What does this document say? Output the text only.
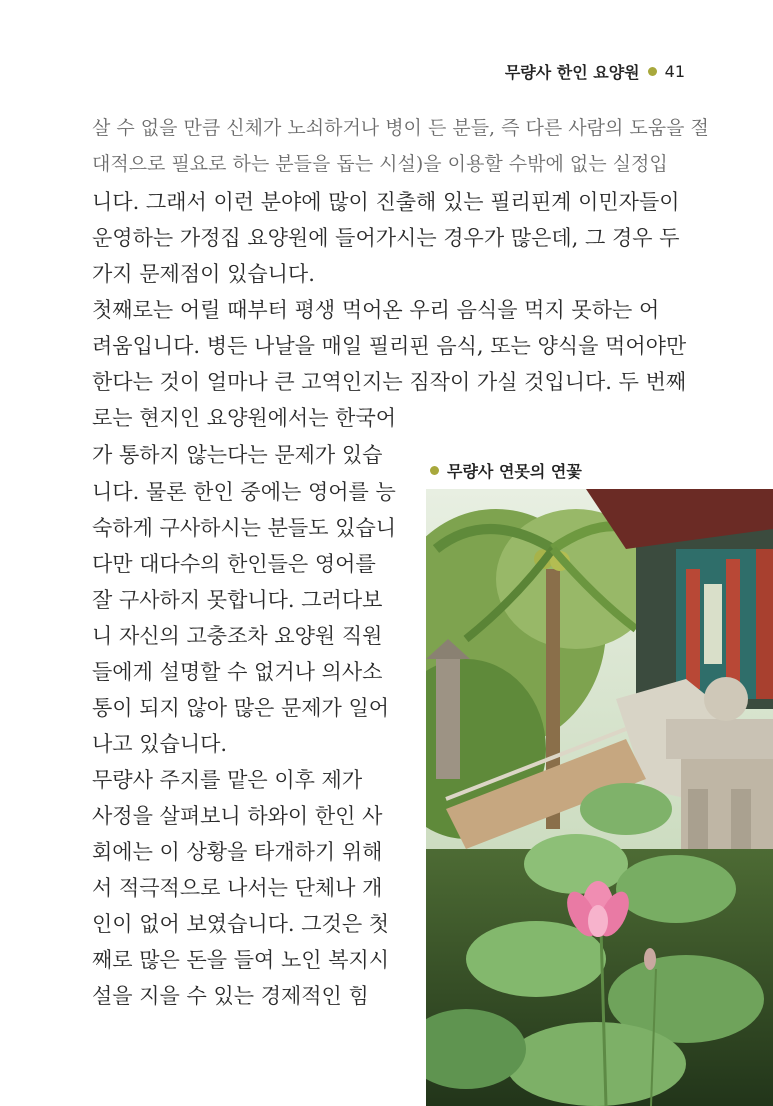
무량사 한인 요양원 41
살 수 없을 만큼 신체가 노쇠하거나 병이 든 분들, 즉 다른 사람의 도움을 절
대적으로 필요로 하는 분들을 돕는 시설)을 이용할 수밖에 없는 실정입
니다. 그래서 이런 분야에 많이 진출해 있는 필리핀계 이민자들이
운영하는 가정집 요양원에 들어가시는 경우가 많은데, 그 경우 두
가지 문제점이 있습니다.
첫째로는 어릴 때부터 평생 먹어온 우리 음식을 먹지 못하는 어
려움입니다. 병든 나날을 매일 필리핀 음식, 또는 양식을 먹어야만
한다는 것이 얼마나 큰 고역인지는 짐작이 가실 것입니다. 두 번째
로는 현지인 요양원에서는 한국어
가 통하지 않는다는 문제가 있습
니다. 물론 한인 중에는 영어를 능
숙하게 구사하시는 분들도 있습니
다만 대다수의 한인들은 영어를
잘 구사하지 못합니다. 그러다보
니 자신의 고충조차 요양원 직원
들에게 설명할 수 없거나 의사소
통이 되지 않아 많은 문제가 일어
나고 있습니다.
무량사 주지를 맡은 이후 제가
사정을 살펴보니 하와이 한인 사
회에는 이 상황을 타개하기 위해
서 적극적으로 나서는 단체나 개
인이 없어 보였습니다. 그것은 첫
째로 많은 돈을 들여 노인 복지시
설을 지을 수 있는 경제적인 힘
무량사 연못의 연꽃
